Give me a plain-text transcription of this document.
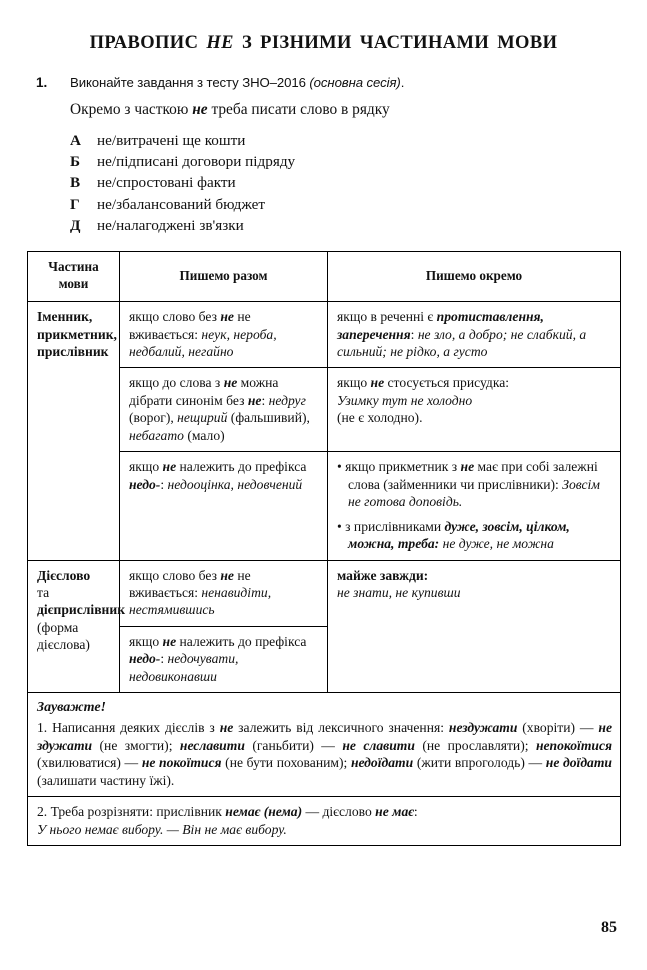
ПРАВОПИС НЕ З РІЗНИМИ ЧАСТИНАМИ МОВИ
1. Виконайте завдання з тесту ЗНО–2016 (основна сесія).
Окремо з часткою не треба писати слово в рядку
А	не/витрачені ще кошти
Б	не/підписані договори підряду
В	не/спростовані факти
Г	не/збалансований бюджет
Д	не/налагоджені зв'язки
Частина мови	Пишемо разом	Пишемо окремо
Іменник,
прикметник,
прислівник	якщо слово без не не вживається: неук, нероба, недбалий, негайно	якщо в реченні є протиставлення, заперечення: не зло, а добро; не слабкий, а сильний; не рідко, а густо
	якщо до слова з не можна дібрати синонім без не: недруг (ворог), нещирий (фальшивий), небагато (мало)	якщо не стосується присудка:
Узимку тут не холодно
(не є холодно).
	якщо не належить до префікса недо-: недооцінка, недовчений	• якщо прикметник з не має при собі залежні слова (займенники чи прислівники): Зовсім не готова доповідь.
• з прислівниками дуже, зовсім, цілком, можна, треба: не дуже, не можна

Дієслово
та дієприслівник (форма дієслова)	якщо слово без не не вживається: ненавидіти, нестямившись	майже завжди:
не знати, не купивши
	якщо не належить до префікса недо-: недочувати, недовиконавши	

Зауважте!
1. Написання деяких дієслів з не залежить від лексичного значення: нездужати (хворіти) — не здужати (не змогти); неславити (ганьбити) — не славити (не прославляти); непокоїтися (хвилюватися) — не покоїтися (не бути похованим); недоїдати (жити впроголодь) — не доїдати (залишати частину їжі).		

2. Треба розрізняти: прислівник немає (нема) — дієслово не має:
У нього немає вибору. — Він не має вибору.		
85
